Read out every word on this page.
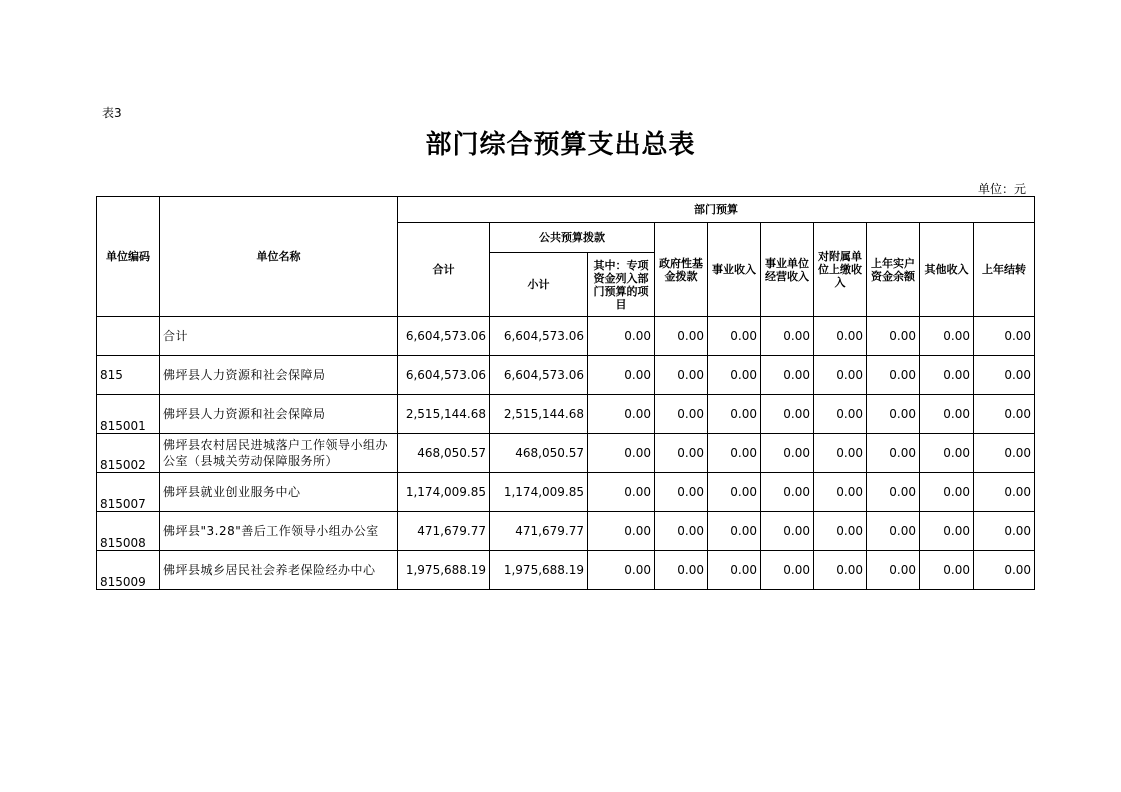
表3
部门综合预算支出总表
单位：元
单位编码	单位名称	部门预算									
		合计	公共预算拨款		政府性基金拨款	事业收入	事业单位经营收入	对附属单位上缴收入	上年实户资金余额	其他收入	上年结转
			小计	其中：专项资金列入部门预算的项目							
	合计	6,604,573.06	6,604,573.06	0.00	0.00	0.00	0.00	0.00	0.00	0.00	0.00
815	佛坪县人力资源和社会保障局	6,604,573.06	6,604,573.06	0.00	0.00	0.00	0.00	0.00	0.00	0.00	0.00
815001	佛坪县人力资源和社会保障局	2,515,144.68	2,515,144.68	0.00	0.00	0.00	0.00	0.00	0.00	0.00	0.00
815002	佛坪县农村居民进城落户工作领导小组办公室（县城关劳动保障服务所）	468,050.57	468,050.57	0.00	0.00	0.00	0.00	0.00	0.00	0.00	0.00
815007	佛坪县就业创业服务中心	1,174,009.85	1,174,009.85	0.00	0.00	0.00	0.00	0.00	0.00	0.00	0.00
815008	佛坪县"3.28"善后工作领导小组办公室	471,679.77	471,679.77	0.00	0.00	0.00	0.00	0.00	0.00	0.00	0.00
815009	佛坪县城乡居民社会养老保险经办中心	1,975,688.19	1,975,688.19	0.00	0.00	0.00	0.00	0.00	0.00	0.00	0.00
